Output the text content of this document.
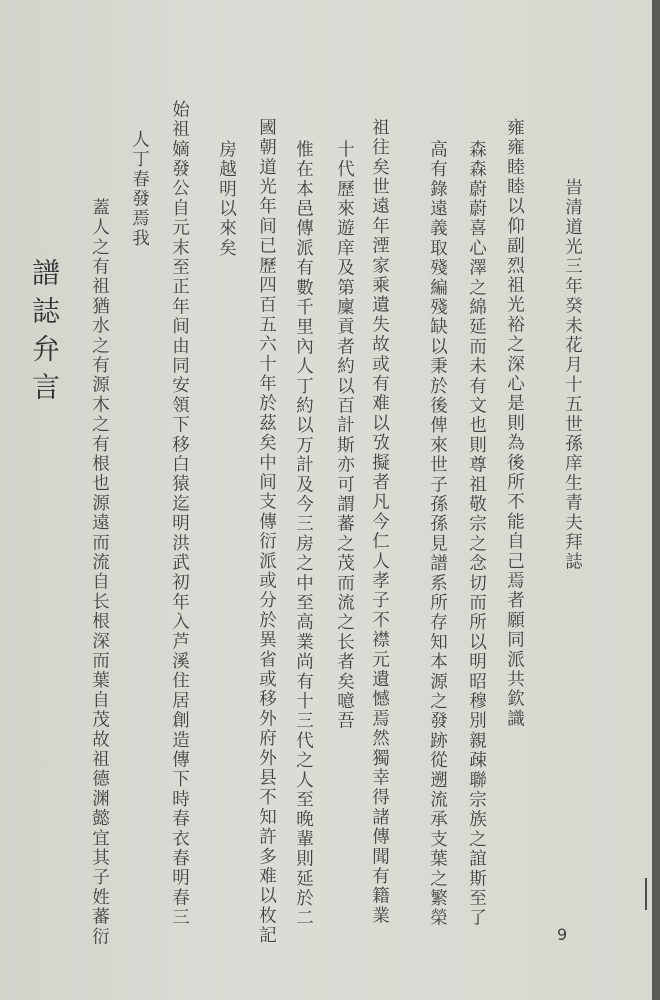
旹清道光三年癸未花月十五世孫庠生青夫拜誌
雍雍睦睦以仰副烈祖光裕之深心是則為後所不能自己焉者願同派共欽識
森森蔚蔚喜心澤之綿延而未有文也則尊祖敬宗之念切而所以明昭穆別親疎聯宗族之誼斯至了
高有錄遠義取殘編殘缺以秉於後俾來世子孫孫見譜系所存知本源之發跡從遡流承支葉之繁榮
祖往矣世遠年湮家乘遺失故或有难以攷擬者凡今仁人孝子不襟元遺憾焉然獨幸得諸傳聞有籍業
十代歷來遊庠及第廩貢者約以百計斯亦可謂蕃之茂而流之长者矣噫吾
惟在本邑傳派有數千里內人丁約以万計及今三房之中至高業尚有十三代之人至晚輩則延於二
國朝道光年间已歷四百五六十年於茲矣中间支傳衍派或分於異省或移外府外县不知許多难以枚記
房越明以來矣
始祖嫡發公自元末至正年间由同安領下移白猿迄明洪武初年入芦溪住居創造傳下時春衣春明春三
人丁春發焉我
蓋人之有祖猶水之有源木之有根也源遠而流自长根深而葉自茂故祖德渊懿宜其子姓蕃衍
譜誌弁言
9
